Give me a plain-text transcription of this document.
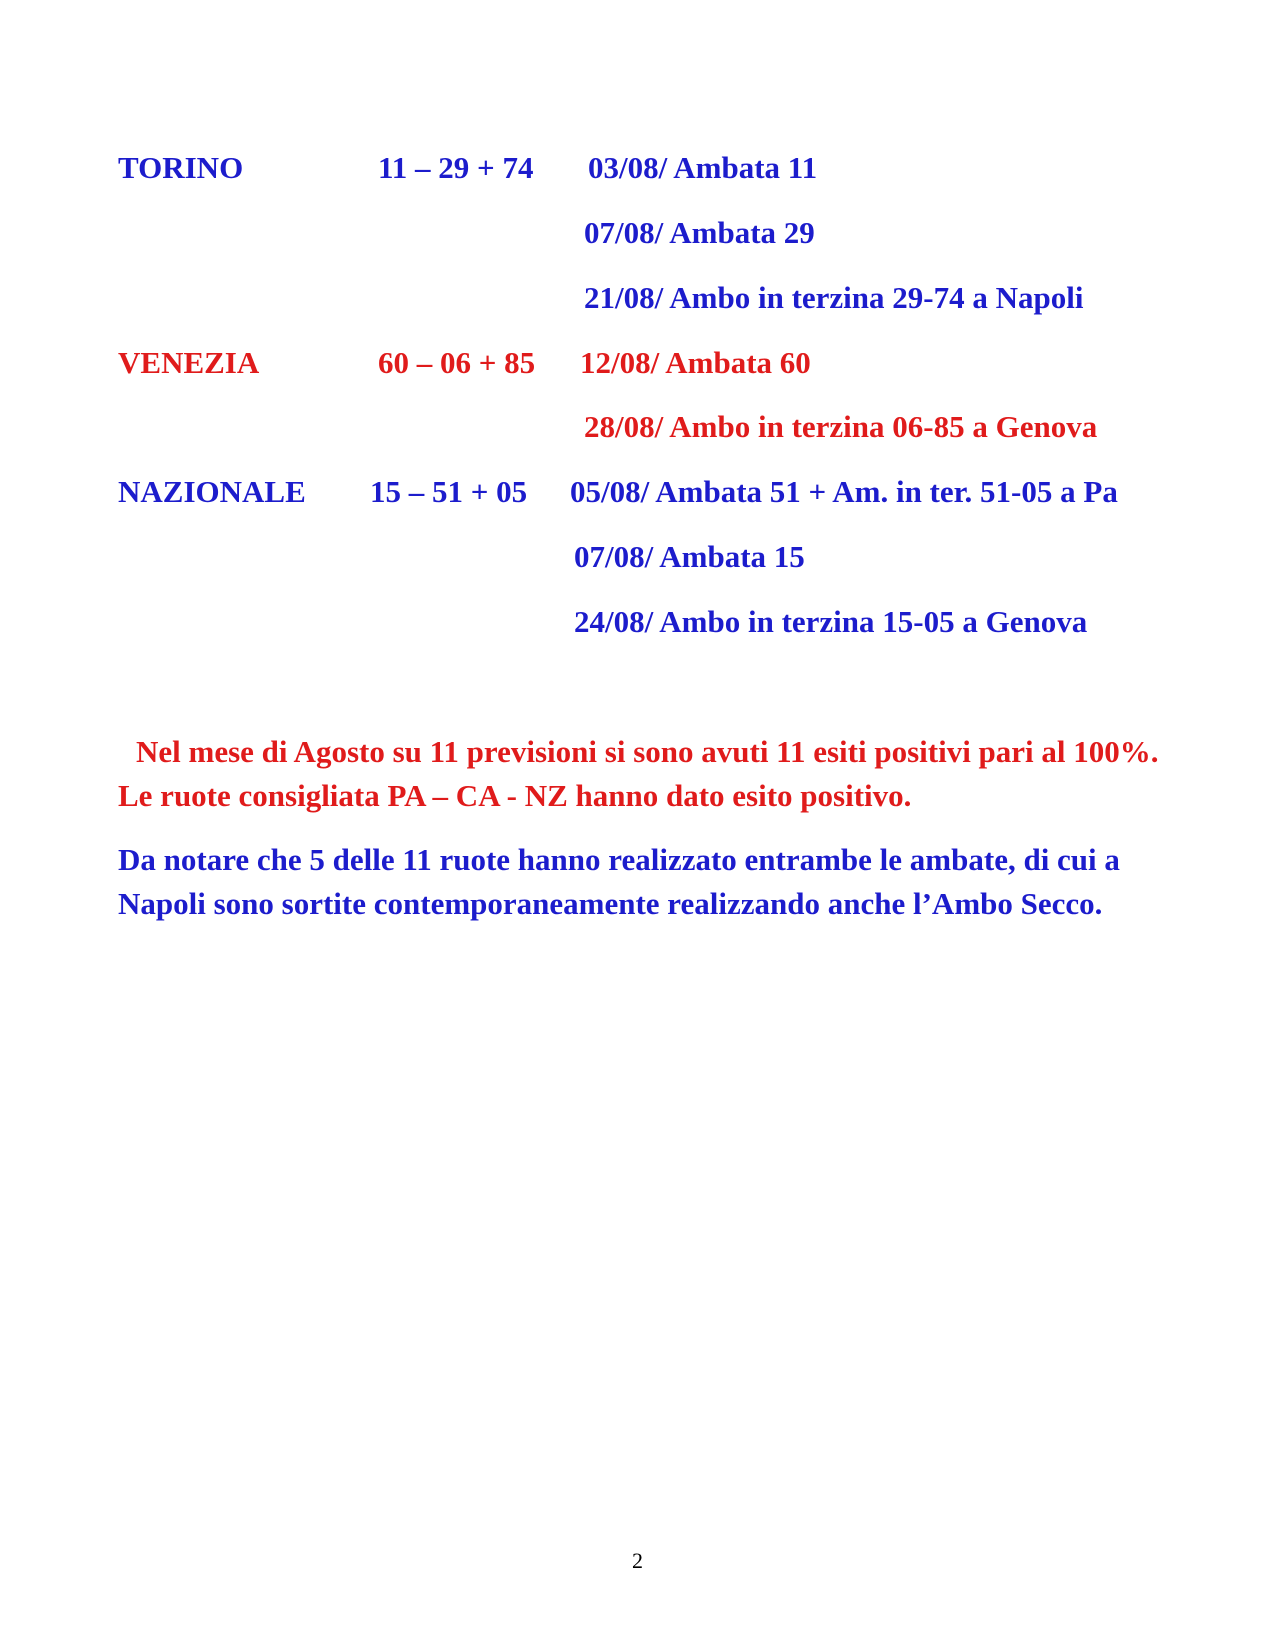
TORINO	11 – 29 + 74 03/08/ Ambata 11
07/08/ Ambata 29
21/08/ Ambo in terzina 29-74 a Napoli
VENEZIA	60 – 06 + 85 12/08/ Ambata 60
28/08/ Ambo in terzina 06-85 a Genova
NAZIONALE 15 – 51 + 05 05/08/ Ambata 51 + Am. in ter. 51-05 a Pa
07/08/ Ambata 15
24/08/ Ambo in terzina 15-05 a Genova
Nel mese di Agosto su 11 previsioni si sono avuti 11 esiti positivi pari al 100%. Le ruote consigliata PA – CA - NZ hanno dato esito positivo.
Da notare che 5 delle 11 ruote hanno realizzato entrambe le ambate, di cui a Napoli sono sortite contemporaneamente realizzando anche l’Ambo Secco.
2
